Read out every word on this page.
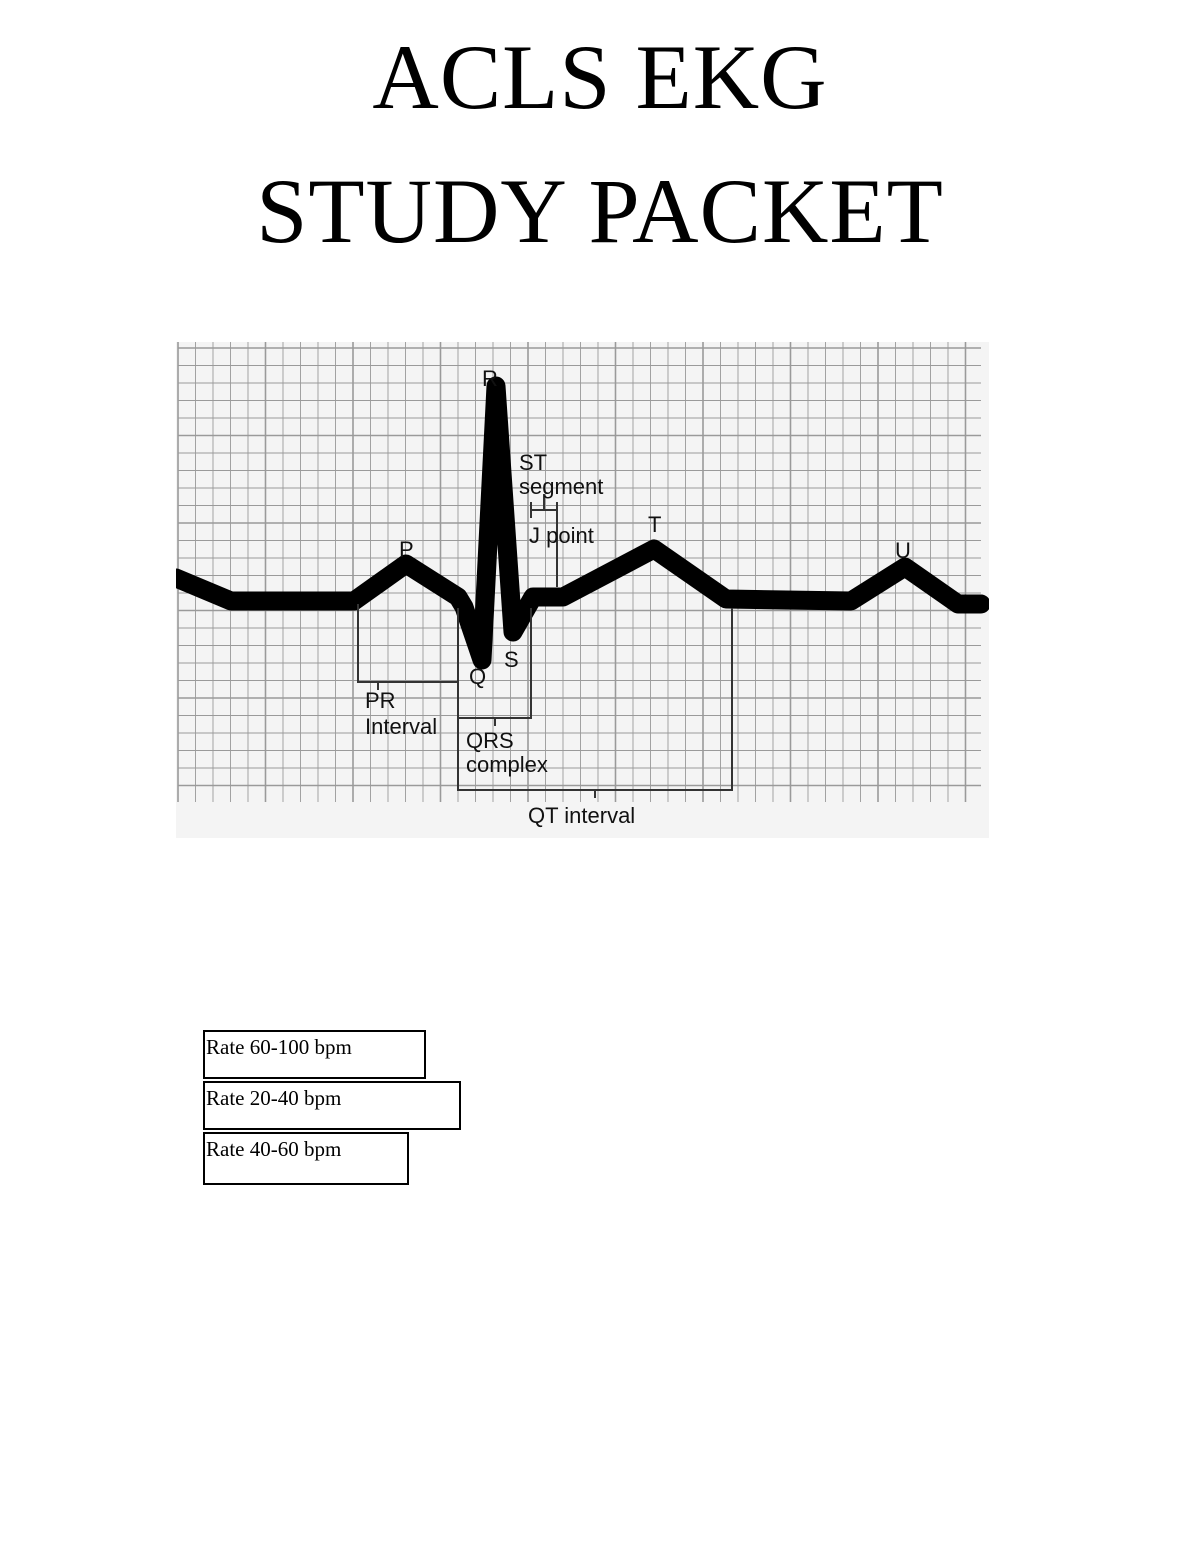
ACLS EKG
STUDY PACKET
P
Q
R
S
T
U
ST
segment
J point
PR
Interval
QRS
complex
QT interval
Rate 60-100 bpm
Rate 20-40 bpm
Rate 40-60 bpm
